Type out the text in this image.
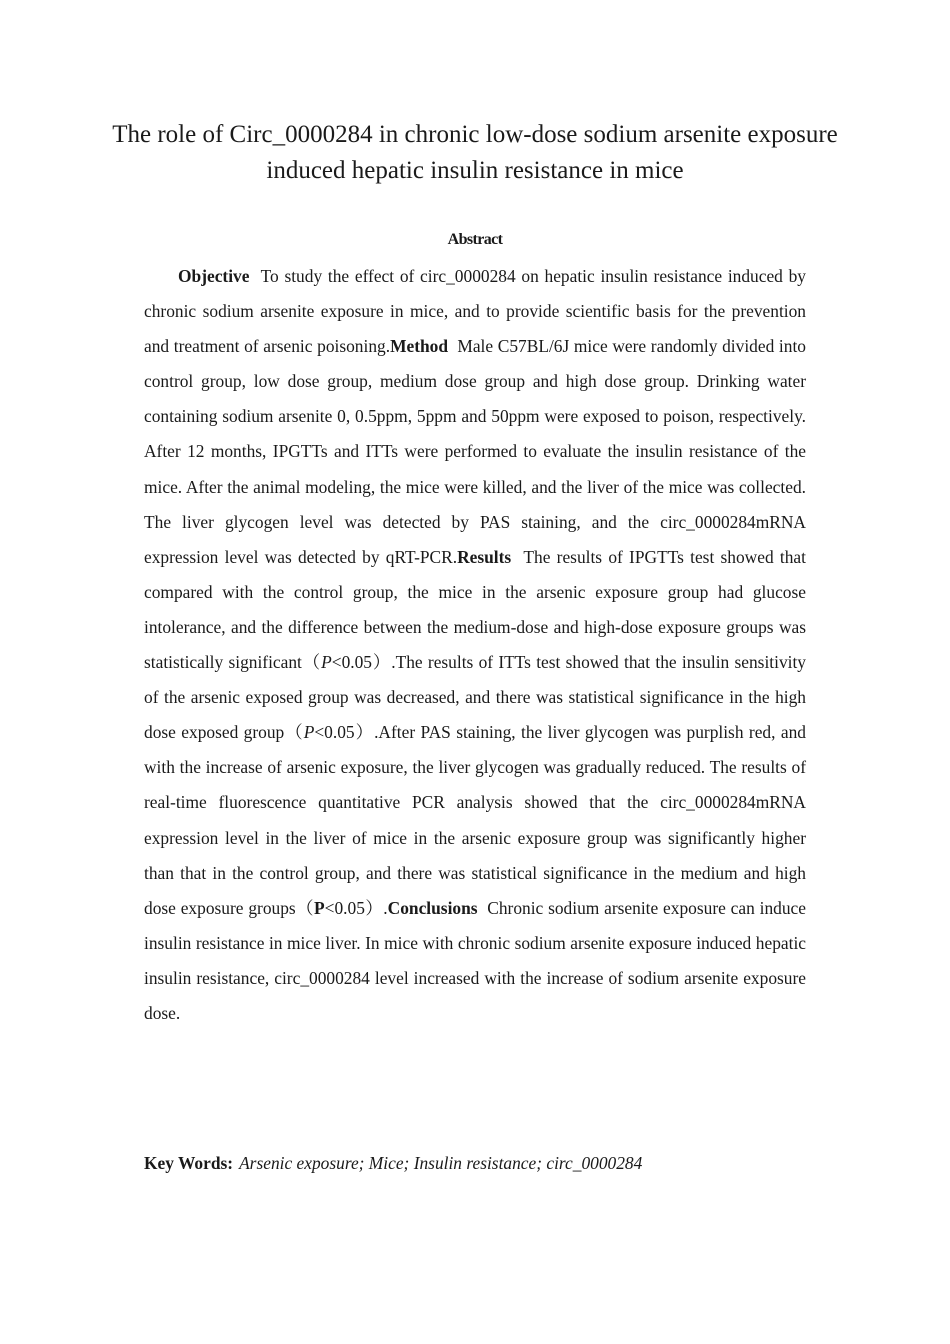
The role of Circ_0000284 in chronic low-dose sodium arsenite exposure induced hepatic insulin resistance in mice
Abstract

Objective To study the effect of circ_0000284 on hepatic insulin resistance induced by chronic sodium arsenite exposure in mice, and to provide scientific basis for the prevention and treatment of arsenic poisoning.Method Male C57BL/6J mice were randomly divided into control group, low dose group, medium dose group and high dose group. Drinking water containing sodium arsenite 0, 0.5ppm, 5ppm and 50ppm were exposed to poison, respectively. After 12 months, IPGTTs and ITTs were performed to evaluate the insulin resistance of the mice. After the animal modeling, the mice were killed, and the liver of the mice was collected. The liver glycogen level was detected by PAS staining, and the circ_0000284mRNA expression level was detected by qRT-PCR.Results The results of IPGTTs test showed that compared with the control group, the mice in the arsenic exposure group had glucose intolerance, and the difference between the medium-dose and high-dose exposure groups was statistically significant（P<0.05）.The results of ITTs test showed that the insulin sensitivity of the arsenic exposed group was decreased, and there was statistical significance in the high dose exposed group（P<0.05）.After PAS staining, the liver glycogen was purplish red, and with the increase of arsenic exposure, the liver glycogen was gradually reduced. The results of real-time fluorescence quantitative PCR analysis showed that the circ_0000284mRNA expression level in the liver of mice in the arsenic exposure group was significantly higher than that in the control group, and there was statistical significance in the medium and high dose exposure groups（P<0.05）.Conclusions Chronic sodium arsenite exposure can induce insulin resistance in mice liver. In mice with chronic sodium arsenite exposure induced hepatic insulin resistance, circ_0000284 level increased with the increase of sodium arsenite exposure dose.

Key Words: Arsenic exposure; Mice; Insulin resistance; circ_0000284
